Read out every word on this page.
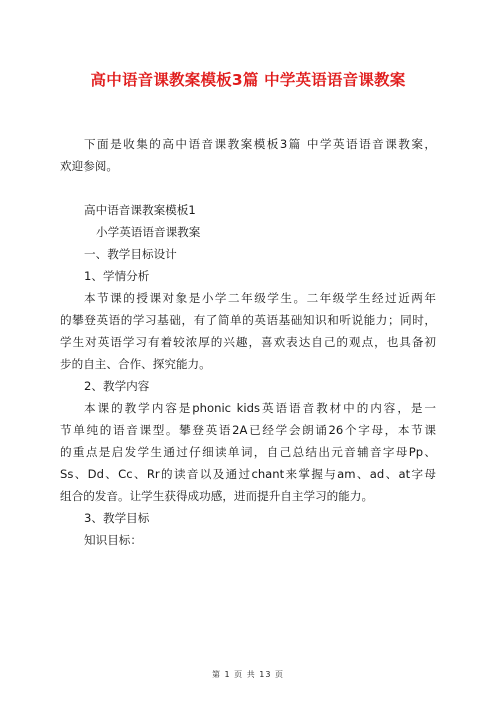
高中语音课教案模板3篇 中学英语语音课教案
下面是收集的高中语音课教案模板3篇 中学英语语音课教案，
欢迎参阅。
高中语音课教案模板1
小学英语语音课教案
一、教学目标设计
1、学情分析
本节课的授课对象是小学二年级学生。二年级学生经过近两年
的攀登英语的学习基础，有了简单的英语基础知识和听说能力；同时，
学生对英语学习有着较浓厚的兴趣，喜欢表达自己的观点，也具备初
步的自主、合作、探究能力。
2、教学内容
本课的教学内容是phonic kids英语语音教材中的内容，是一
节单纯的语音课型。攀登英语2A已经学会朗诵26个字母，本节课
的重点是启发学生通过仔细读单词，自己总结出元音辅音字母Pp、
Ss、Dd、Cc、Rr的读音以及通过chant来掌握与am、ad、at字母
组合的发音。让学生获得成功感，进而提升自主学习的能力。
3、教学目标
知识目标：
第 1 页 共 13 页
